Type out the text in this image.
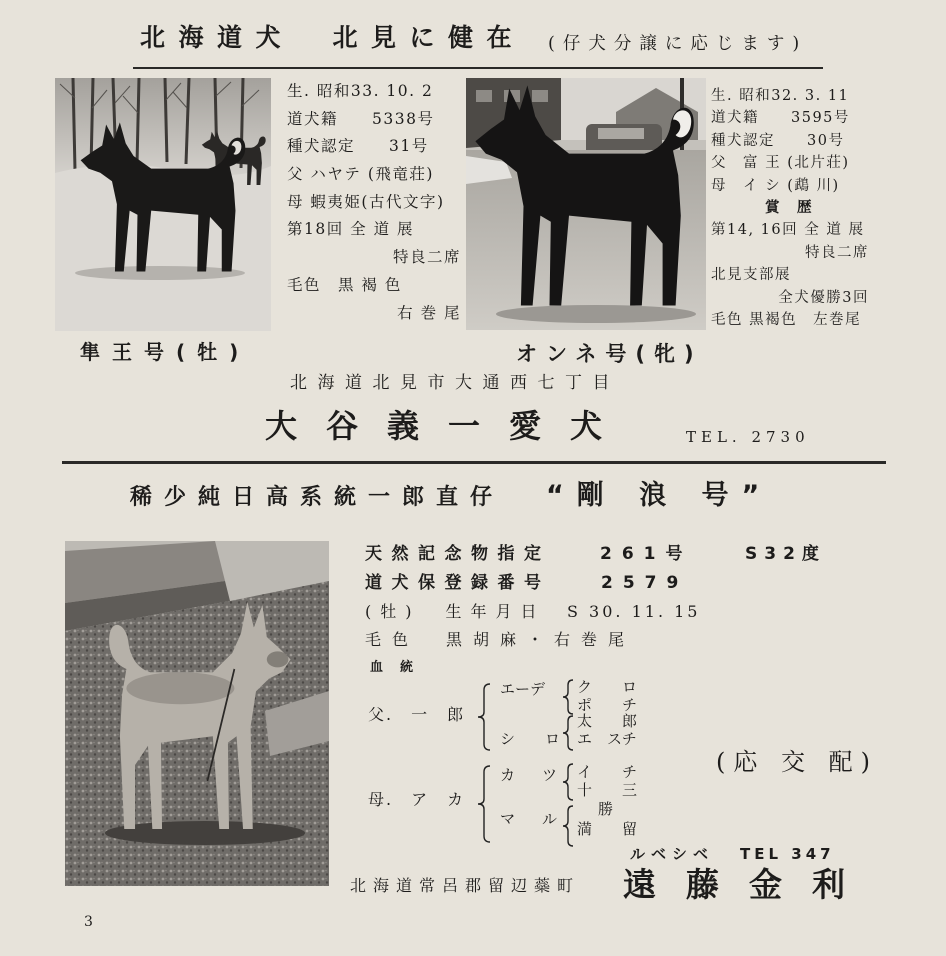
北海道犬　北見に健在 (仔犬分譲に応じます)
生. 昭和33. 10. 2
道犬籍　　5338号
種犬認定　　31号
父 ハヤテ (飛竜荘)
母 蝦夷姫(古代文字)
第18回 全 道 展
特良二席
毛色　黒 褐 色
右 巻 尾
生. 昭和32. 3. 11
道犬籍　　3595号
種犬認定　　30号
父　富 王 (北片荘)
母　イ シ (鵡 川)
賞　歴
第14, 16回 全 道 展
特良二席
北見支部展
全犬優勝3回
毛色 黒褐色　左巻尾
隼王号(牡)	オンネ号(牝)
北海道北見市大通西七丁目
大谷義一愛犬	TEL. 2730
稀少純日高系統一郎直仔 “剛 浪 号”
天然記念物指定	261号	S32度
道犬保登録番号	2579
(牡)　生年月日 S 30. 11. 15
毛色　黒胡麻・右巻尾
血　統
父.　一　郎
エーデ
シ　　ロ
ク　　ロ
ポ　　チ
太　　郎
エ　スチ
母.　ア　カ
カ　ツ
マ　ル
イ　　チ
十　　三
勝
満　　留
(応 交 配)
ルベシベ TEL 347
北海道常呂郡留辺蘂町 遠藤金利
3
